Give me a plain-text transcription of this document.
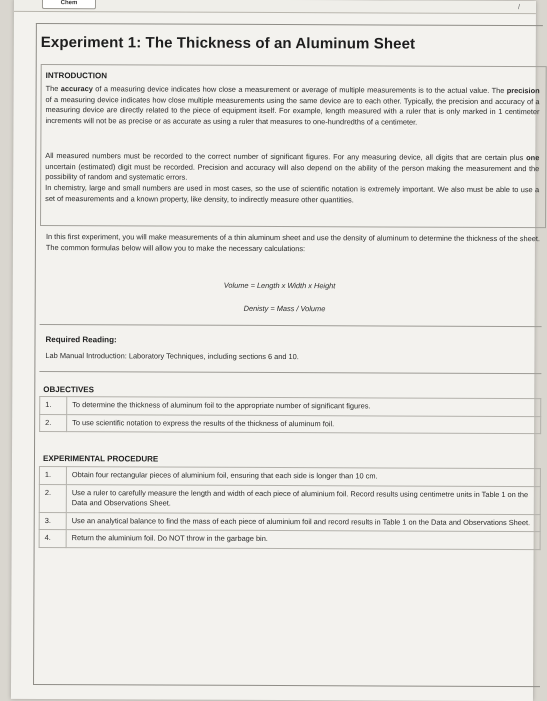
Chem
/
Experiment 1: The Thickness of an Aluminum Sheet
INTRODUCTION
The accuracy of a measuring device indicates how close a measurement or average of multiple measurements is to the actual value. The precision of a measuring device indicates how close multiple measurements using the same device are to each other. Typically, the precision and accuracy of a measuring device are directly related to the piece of equipment itself. For example, length measured with a ruler that is only marked in 1 centimeter increments will not be as precise or as accurate as using a ruler that measures to one-hundredths of a centimeter.
All measured numbers must be recorded to the correct number of significant figures. For any measuring device, all digits that are certain plus one uncertain (estimated) digit must be recorded. Precision and accuracy will also depend on the ability of the person making the measurement and the possibility of random and systematic errors.
In chemistry, large and small numbers are used in most cases, so the use of scientific notation is extremely important. We also must be able to use a set of measurements and a known property, like density, to indirectly measure other quantities.
In this first experiment, you will make measurements of a thin aluminum sheet and use the density of aluminum to determine the thickness of the sheet. The common formulas below will allow you to make the necessary calculations:
Volume = Length x Width x Height
Denisty = Mass / Volume
Required Reading:
Lab Manual Introduction: Laboratory Techniques, including sections 6 and 10.
OBJECTIVES
1.	To determine the thickness of aluminum foil to the appropriate number of significant figures.
2.	To use scientific notation to express the results of the thickness of aluminum foil.
EXPERIMENTAL PROCEDURE
1.	Obtain four rectangular pieces of aluminium foil, ensuring that each side is longer than 10 cm.
2.	Use a ruler to carefully measure the length and width of each piece of aluminium foil. Record results using centimetre units in Table 1 on the Data and Observations Sheet.
3.	Use an analytical balance to find the mass of each piece of aluminium foil and record results in Table 1 on the Data and Observations Sheet.
4.	Return the aluminium foil. Do NOT throw in the garbage bin.
